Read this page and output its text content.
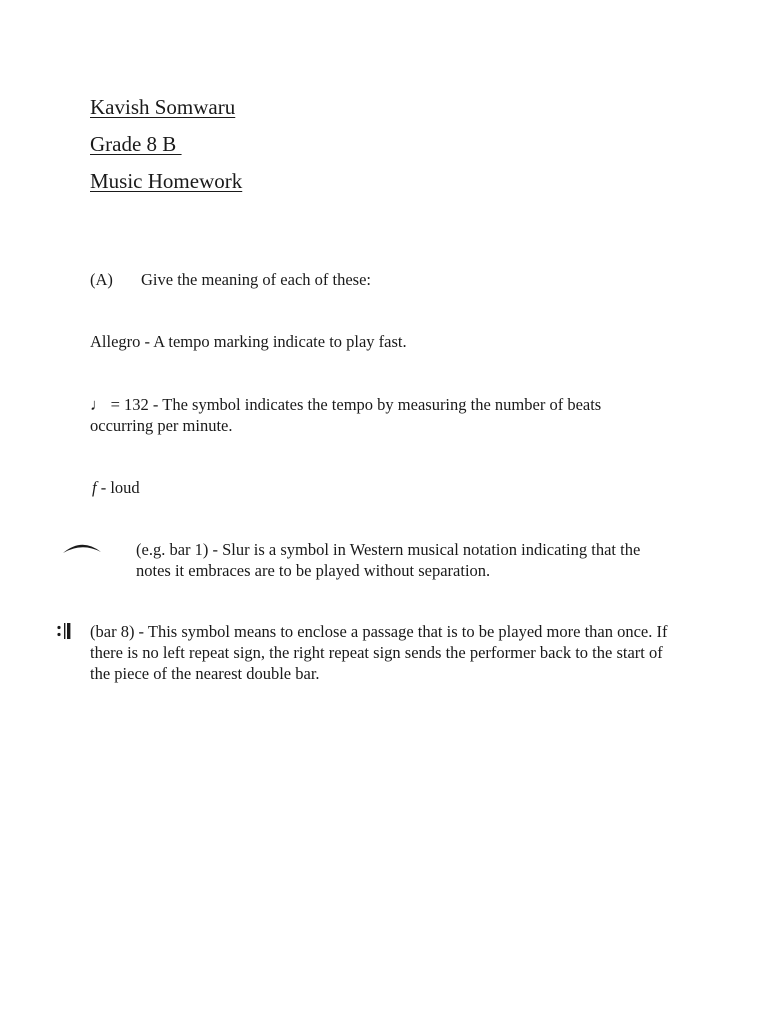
Kavish Somwaru
Grade 8 B
Music Homework
(A) Give the meaning of each of these:
Allegro - A tempo marking indicate to play fast.
♩ = 132 - The symbol indicates the tempo by measuring the number of beats occurring per minute.
f - loud
(e.g. bar 1) - Slur is a symbol in Western musical notation indicating that the notes it embraces are to be played without separation.
(bar 8) - This symbol means to enclose a passage that is to be played more than once. If there is no left repeat sign, the right repeat sign sends the performer back to the start of the piece of the nearest double bar.
